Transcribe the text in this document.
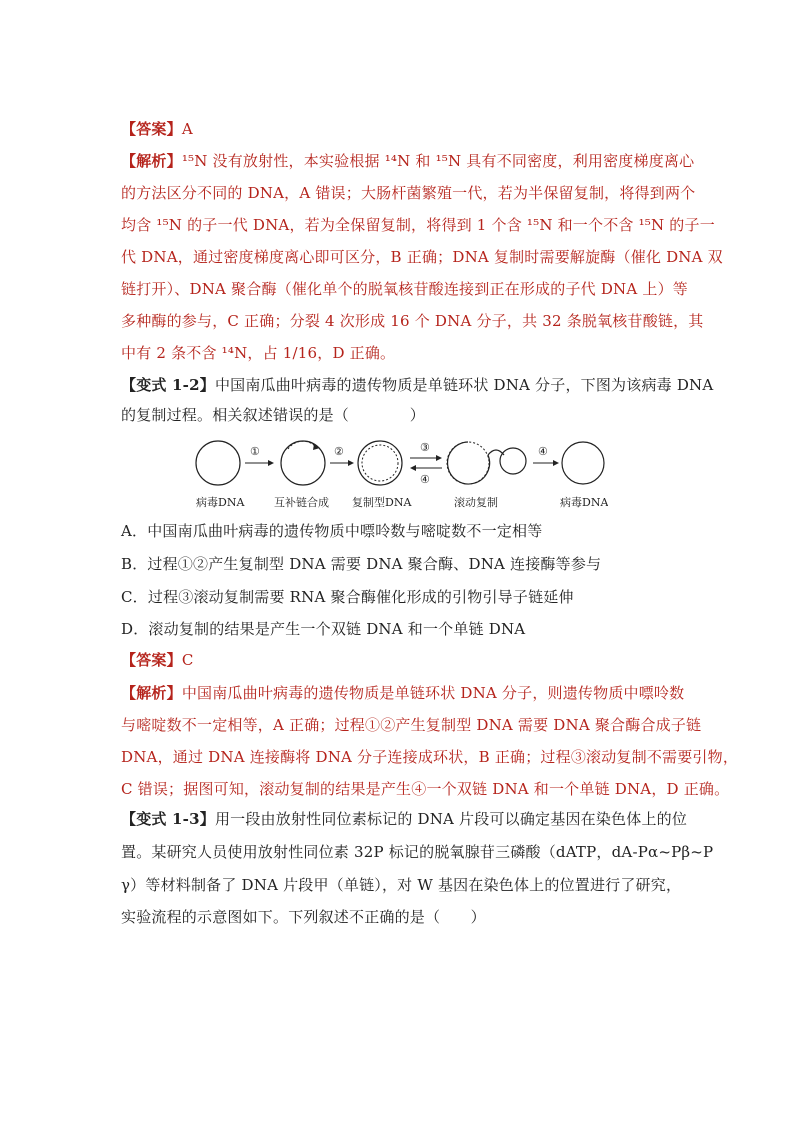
【答案】A
【解析】¹⁵N 没有放射性，本实验根据 ¹⁴N 和 ¹⁵N 具有不同密度，利用密度梯度离心
的方法区分不同的 DNA，A 错误；大肠杆菌繁殖一代，若为半保留复制，将得到两个
均含 ¹⁵N 的子一代 DNA，若为全保留复制，将得到 1 个含 ¹⁵N 和一个不含 ¹⁵N 的子一
代 DNA，通过密度梯度离心即可区分，B 正确；DNA 复制时需要解旋酶（催化 DNA 双
链打开）、DNA 聚合酶（催化单个的脱氧核苷酸连接到正在形成的子代 DNA 上）等
多种酶的参与，C 正确；分裂 4 次形成 16 个 DNA 分子，共 32 条脱氧核苷酸链，其
中有 2 条不含 ¹⁴N，占 1/16，D 正确。
【变式 1-2】中国南瓜曲叶病毒的遗传物质是单链环状 DNA 分子，下图为该病毒 DNA
的复制过程。相关叙述错误的是（　　　　）
①	②	③
④
④
病毒DNA	互补链合成 复制型DNA	滚动复制	病毒DNA
A．中国南瓜曲叶病毒的遗传物质中嘌呤数与嘧啶数不一定相等
B．过程①②产生复制型 DNA 需要 DNA 聚合酶、DNA 连接酶等参与
C．过程③滚动复制需要 RNA 聚合酶催化形成的引物引导子链延伸
D．滚动复制的结果是产生一个双链 DNA 和一个单链 DNA
【答案】C
【解析】中国南瓜曲叶病毒的遗传物质是单链环状 DNA 分子，则遗传物质中嘌呤数
与嘧啶数不一定相等，A 正确；过程①②产生复制型 DNA 需要 DNA 聚合酶合成子链
DNA，通过 DNA 连接酶将 DNA 分子连接成环状，B 正确；过程③滚动复制不需要引物，
C 错误；据图可知，滚动复制的结果是产生④一个双链 DNA 和一个单链 DNA，D 正确。
【变式 1-3】用一段由放射性同位素标记的 DNA 片段可以确定基因在染色体上的位
置。某研究人员使用放射性同位素 32P 标记的脱氧腺苷三磷酸（dATP，dA-Pα~Pβ~P
γ）等材料制备了 DNA 片段甲（单链），对 W 基因在染色体上的位置进行了研究，
实验流程的示意图如下。下列叙述不正确的是（　　）
